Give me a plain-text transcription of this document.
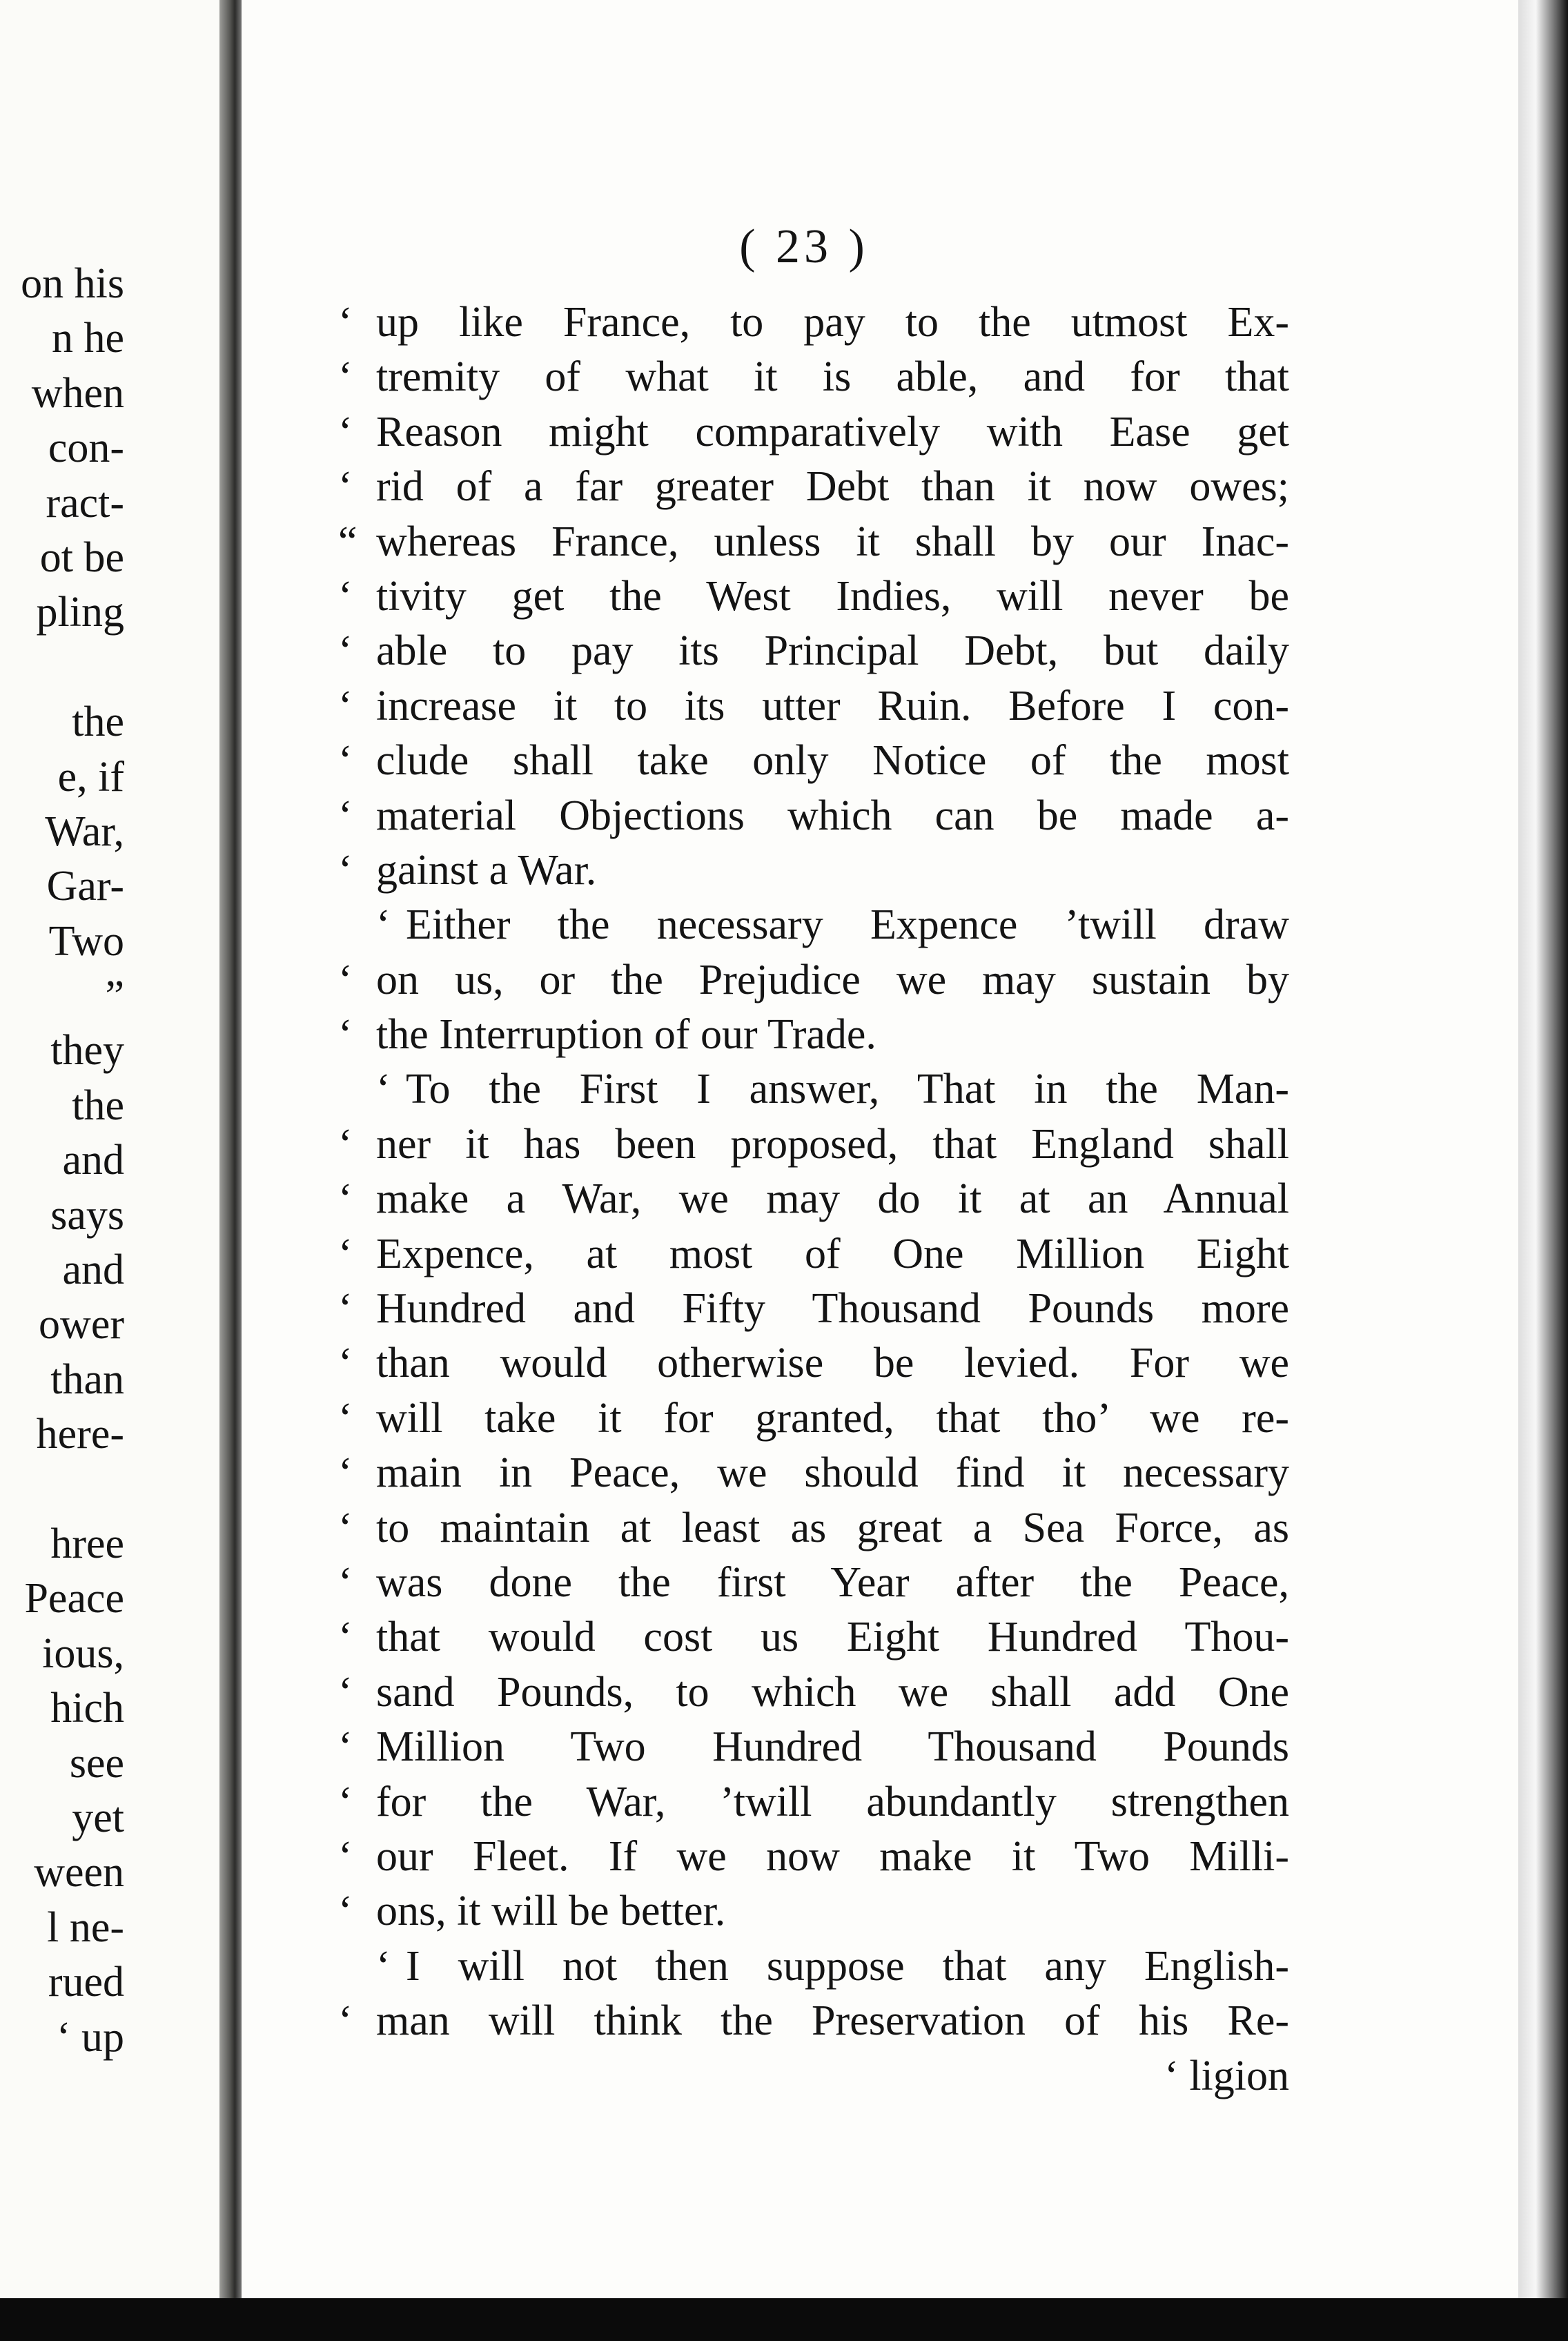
on his
n he
when
con-
ract-
ot be
pling
the
e, if
War,
Gar-
Two
”
they
the
and
says
and
ower
than
here-
hree
Peace
ious,
hich
see
yet
ween
l ne-
rued
‘ up
( 23 )
‘ up like France, to pay to the utmost Ex-
‘ tremity of what it is able, and for that
‘ Reason might comparatively with Ease get
‘ rid of a far greater Debt than it now owes;
“ whereas France, unless it shall by our Inac-
‘ tivity get the West Indies, will never be
‘ able to pay its Principal Debt, but daily
‘ increase it to its utter Ruin. Before I con-
‘ clude shall take only Notice of the most
‘ material Objections which can be made a-
‘ gainst a War.
‘ Either the necessary Expence ’twill draw
‘ on us, or the Prejudice we may sustain by
‘ the Interruption of our Trade.
‘ To the First I answer, That in the Man-
‘ ner it has been proposed, that England shall
‘ make a War, we may do it at an Annual
‘ Expence, at most of One Million Eight
‘ Hundred and Fifty Thousand Pounds more
‘ than would otherwise be levied. For we
‘ will take it for granted, that tho’ we re-
‘ main in Peace, we should find it necessary
‘ to maintain at least as great a Sea Force, as
‘ was done the first Year after the Peace,
‘ that would cost us Eight Hundred Thou-
‘ sand Pounds, to which we shall add One
‘ Million Two Hundred Thousand Pounds
‘ for the War, ’twill abundantly strengthen
‘ our Fleet. If we now make it Two Milli-
‘ ons, it will be better.
‘ I will not then suppose that any English-
‘ man will think the Preservation of his Re-
‘ ligion
